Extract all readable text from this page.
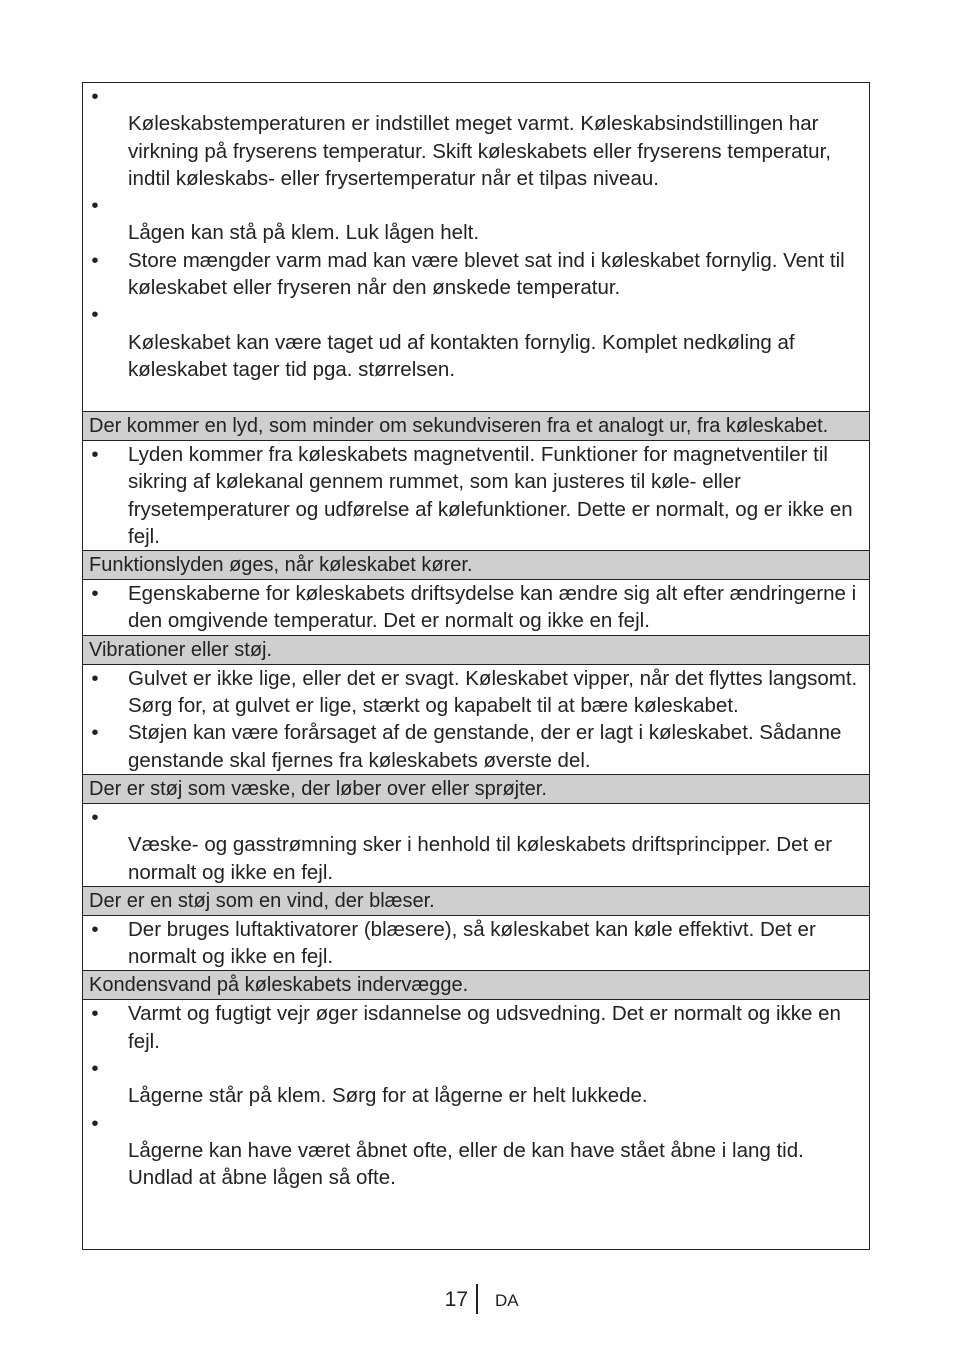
•
Køleskabstemperaturen er indstillet meget varmt. Køleskabsindstillingen har virkning på fryserens temperatur. Skift køleskabets eller fryserens temperatur, indtil køleskabs- eller frysertemperatur når et tilpas niveau.
•
Lågen kan stå på klem. Luk lågen helt.
• Store mængder varm mad kan være blevet sat ind i køleskabet fornylig. Vent til køleskabet eller fryseren når den ønskede temperatur.
•
Køleskabet kan være taget ud af kontakten fornylig. Komplet nedkøling af køleskabet tager tid pga. størrelsen.
Der kommer en lyd, som minder om sekundviseren fra et analogt ur, fra køleskabet.
• Lyden kommer fra køleskabets magnetventil. Funktioner for magnetventiler til sikring af kølekanal gennem rummet, som kan justeres til køle- eller frysetemperaturer og udførelse af kølefunktioner. Dette er normalt, og er ikke en fejl.
Funktionslyden øges, når køleskabet kører.
• Egenskaberne for køleskabets driftsydelse kan ændre sig alt efter ændringerne i den omgivende temperatur. Det er normalt og ikke en fejl.
Vibrationer eller støj.
• Gulvet er ikke lige, eller det er svagt. Køleskabet vipper, når det flyttes langsomt. Sørg for, at gulvet er lige, stærkt og kapabelt til at bære køleskabet.
• Støjen kan være forårsaget af de genstande, der er lagt i køleskabet. Sådanne genstande skal fjernes fra køleskabets øverste del.
Der er støj som væske, der løber over eller sprøjter.
•
Væske- og gasstrømning sker i henhold til køleskabets driftsprincipper. Det er normalt og ikke en fejl.
Der er en støj som en vind, der blæser.
• Der bruges luftaktivatorer (blæsere), så køleskabet kan køle effektivt. Det er normalt og ikke en fejl.
Kondensvand på køleskabets indervægge.
• Varmt og fugtigt vejr øger isdannelse og udsvedning. Det er normalt og ikke en fejl.
•
Lågerne står på klem. Sørg for at lågerne er helt lukkede.
•
Lågerne kan have været åbnet ofte, eller de kan have stået åbne i lang tid. Undlad at åbne lågen så ofte.
17 DA
